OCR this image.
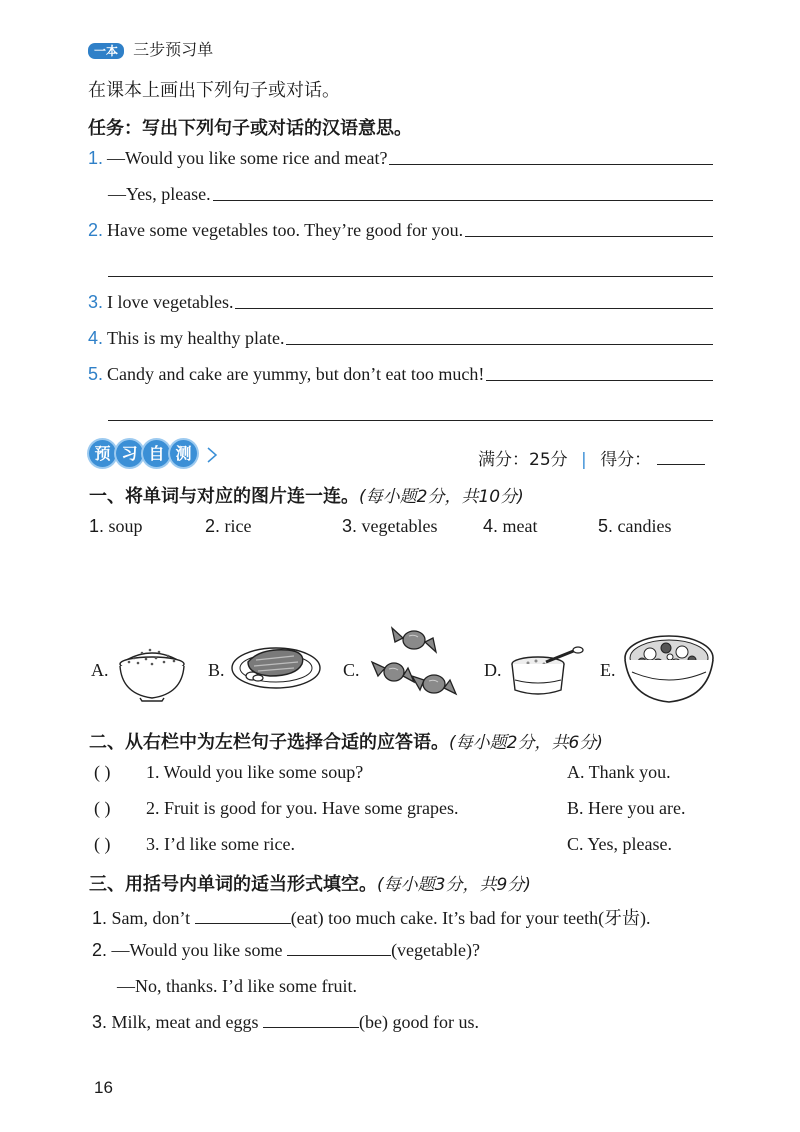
一本 三步预习单
在课本上画出下列句子或对话。
任务：写出下列句子或对话的汉语意思。
1. —Would you like some rice and meat?
—Yes, please.
2. Have some vegetables too. They’re good for you.
3. I love vegetables.
4. This is my healthy plate.
5. Candy and cake are yummy, but don’t eat too much!
预 习 自 测	满分：25分 | 得分：
一、将单词与对应的图片连一连。(每小题2分，共10分)
1. soup	2. rice	3. vegetables	4. meat	5. candies
A.	B.	C.	D.	E.
二、从右栏中为左栏句子选择合适的应答语。(每小题2分，共6分)
( ) 1. Would you like some soup?	A. Thank you.
( ) 2. Fruit is good for you. Have some grapes.	B. Here you are.
( ) 3. I’d like some rice.	C. Yes, please.
三、用括号内单词的适当形式填空。(每小题3分，共9分)
1. Sam, don’t	(eat) too much cake. It’s bad for your teeth(牙齿).
2. —Would you like some	(vegetable)?
—No, thanks. I’d like some fruit.
3. Milk, meat and eggs	(be) good for us.
16
